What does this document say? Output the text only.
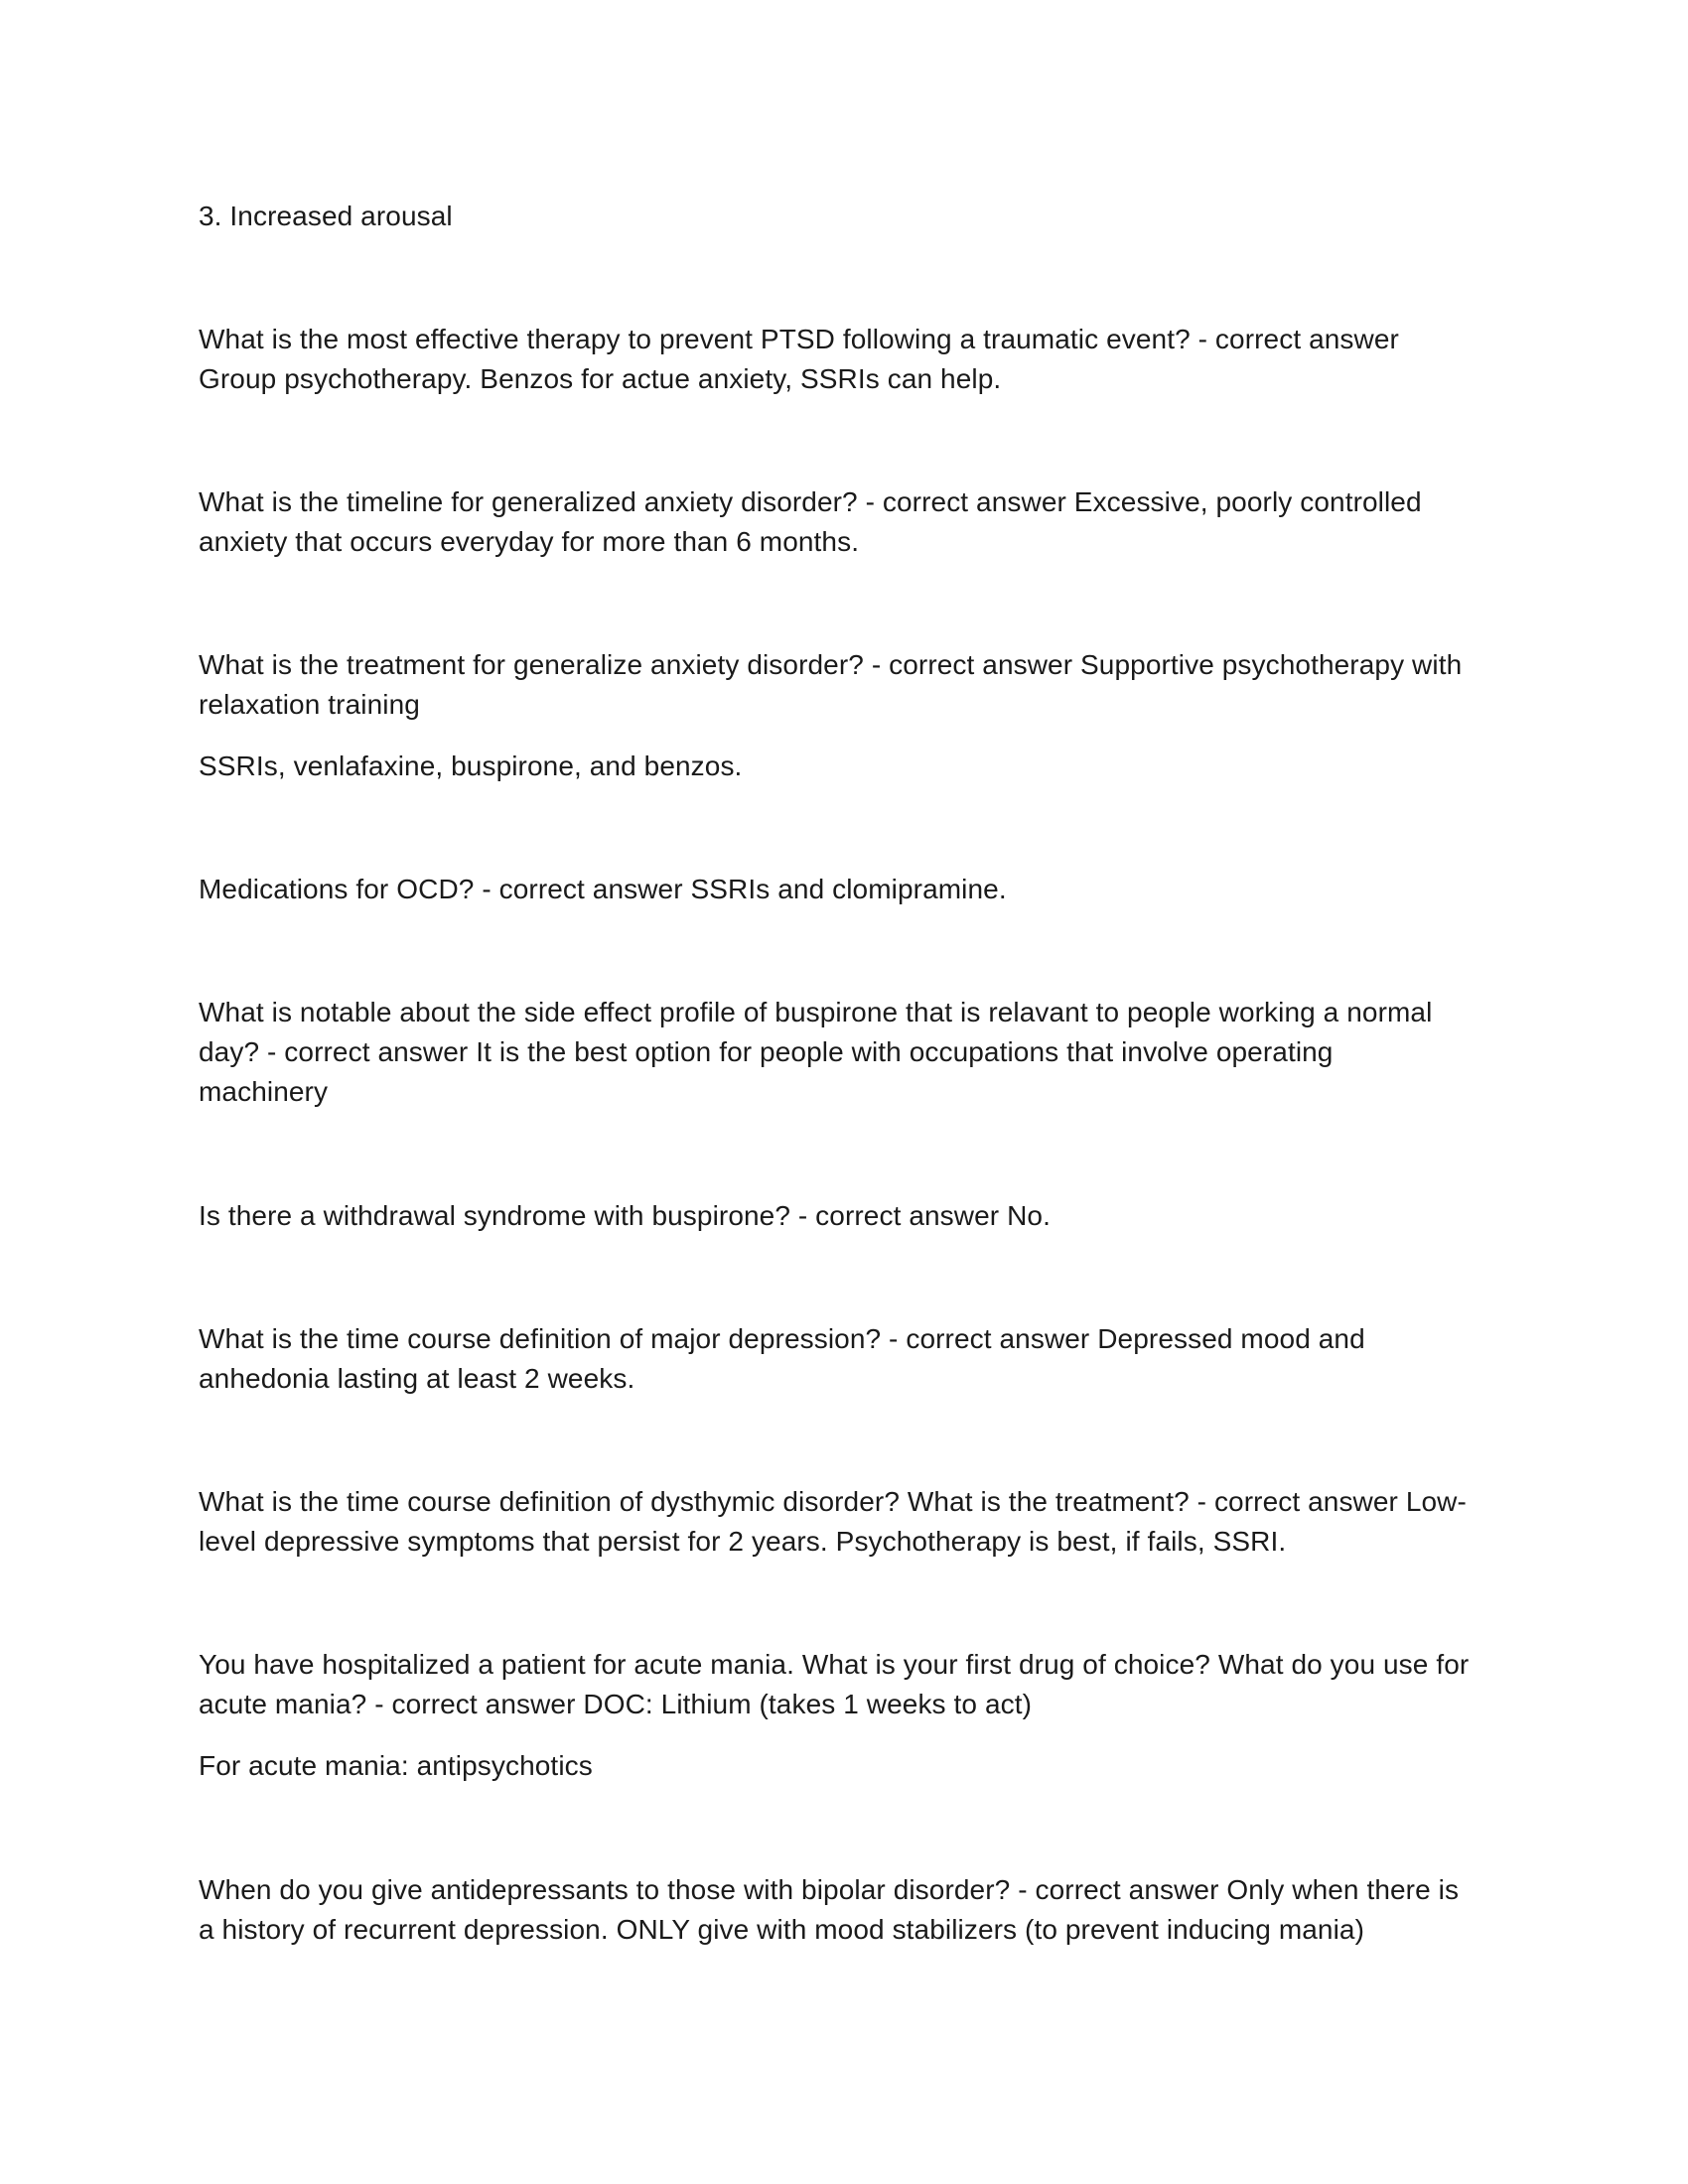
3. Increased arousal
What is the most effective therapy to prevent PTSD following a traumatic event? - correct answer
Group psychotherapy. Benzos for actue anxiety, SSRIs can help.
What is the timeline for generalized anxiety disorder? - correct answer Excessive, poorly controlled
anxiety that occurs everyday for more than 6 months.
What is the treatment for generalize anxiety disorder? - correct answer Supportive psychotherapy with
relaxation training
SSRIs, venlafaxine, buspirone, and benzos.
Medications for OCD? - correct answer SSRIs and clomipramine.
What is notable about the side effect profile of buspirone that is relavant to people working a normal
day? - correct answer It is the best option for people with occupations that involve operating
machinery
Is there a withdrawal syndrome with buspirone? - correct answer No.
What is the time course definition of major depression? - correct answer Depressed mood and
anhedonia lasting at least 2 weeks.
What is the time course definition of dysthymic disorder? What is the treatment? - correct answer Low-
level depressive symptoms that persist for 2 years. Psychotherapy is best, if fails, SSRI.
You have hospitalized a patient for acute mania. What is your first drug of choice? What do you use for
acute mania? - correct answer DOC: Lithium (takes 1 weeks to act)
For acute mania: antipsychotics
When do you give antidepressants to those with bipolar disorder? - correct answer Only when there is
a history of recurrent depression. ONLY give with mood stabilizers (to prevent inducing mania)
